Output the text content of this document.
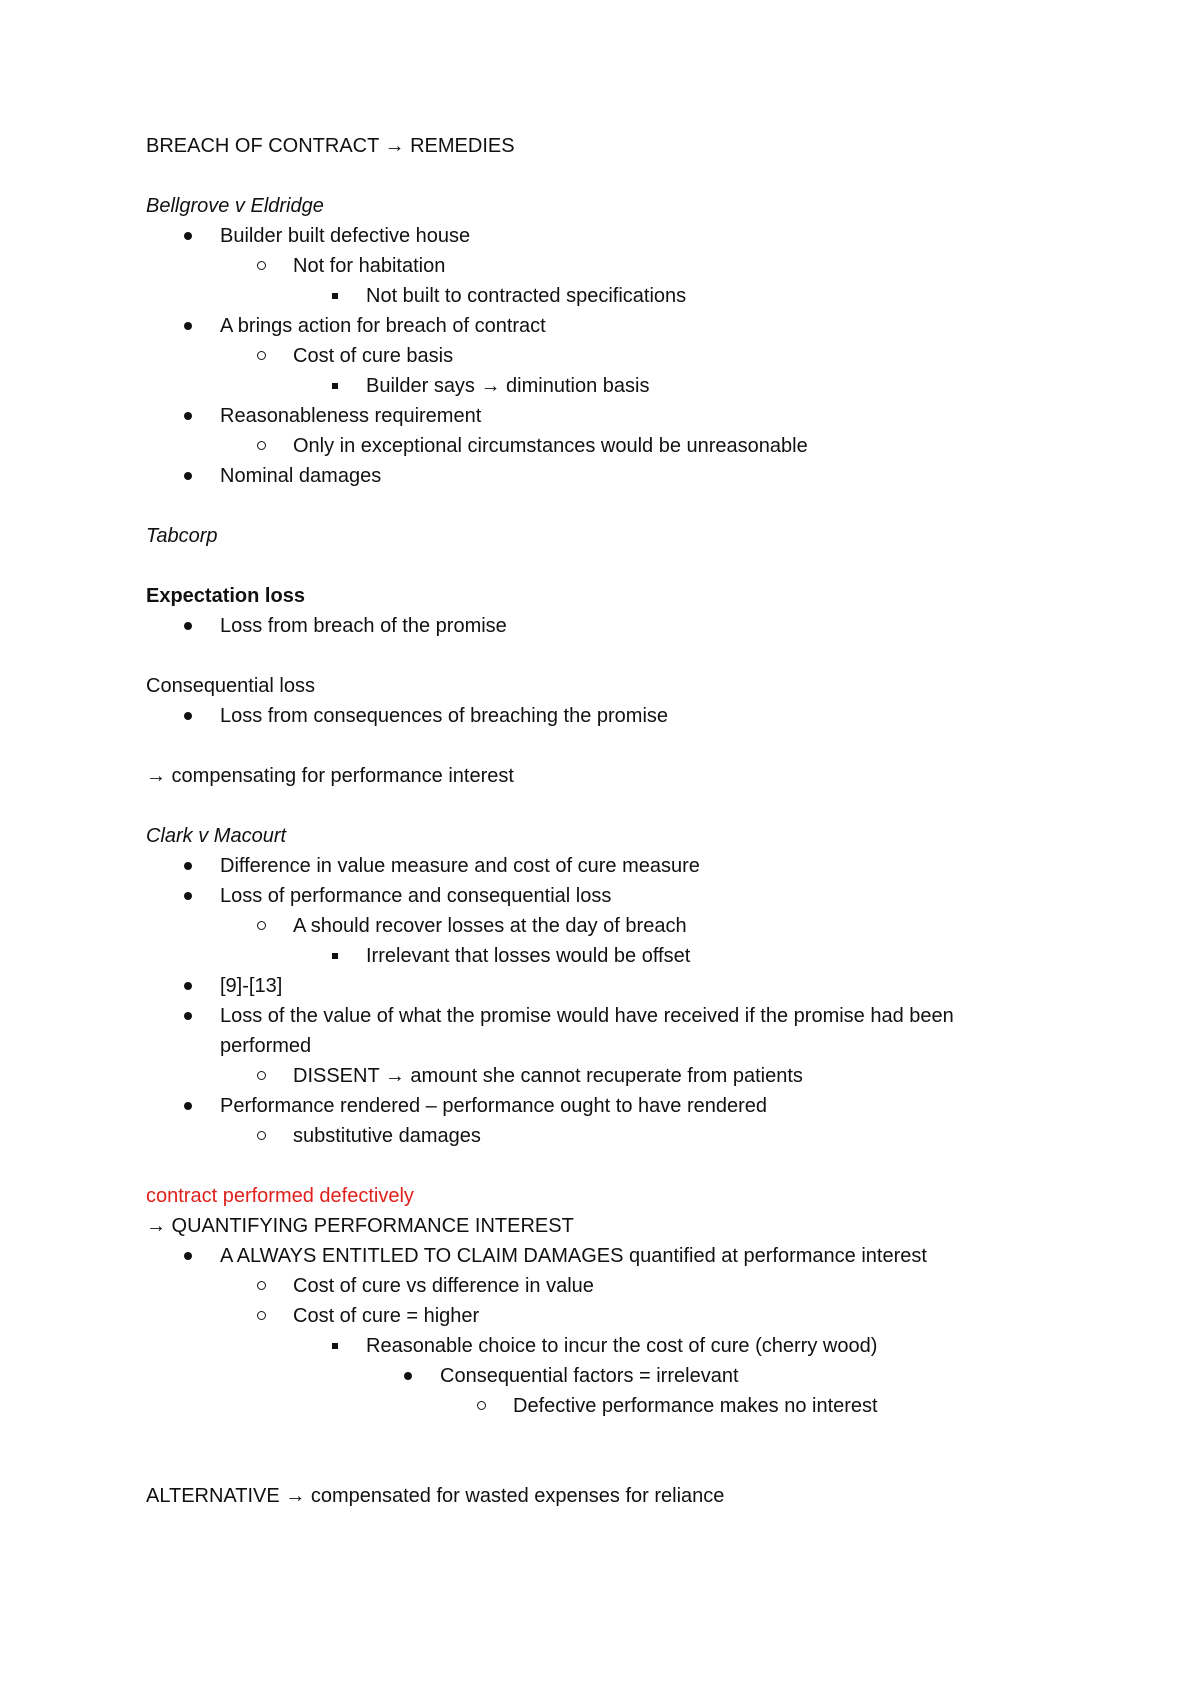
BREACH OF CONTRACT → REMEDIES
Bellgrove v Eldridge
Builder built defective house
Not for habitation
Not built to contracted specifications
A brings action for breach of contract
Cost of cure basis
Builder says → diminution basis
Reasonableness requirement
Only in exceptional circumstances would be unreasonable
Nominal damages
Tabcorp
Expectation loss
Loss from breach of the promise
Consequential loss
Loss from consequences of breaching the promise
→ compensating for performance interest
Clark v Macourt
Difference in value measure and cost of cure measure
Loss of performance and consequential loss
A should recover losses at the day of breach
Irrelevant that losses would be offset
[9]-[13]
Loss of the value of what the promise would have received if the promise had been
performed
DISSENT → amount she cannot recuperate from patients
Performance rendered – performance ought to have rendered
substitutive damages
contract performed defectively
→ QUANTIFYING PERFORMANCE INTEREST
A ALWAYS ENTITLED TO CLAIM DAMAGES quantified at performance interest
Cost of cure vs difference in value
Cost of cure = higher
Reasonable choice to incur the cost of cure (cherry wood)
Consequential factors = irrelevant
Defective performance makes no interest
ALTERNATIVE → compensated for wasted expenses for reliance
